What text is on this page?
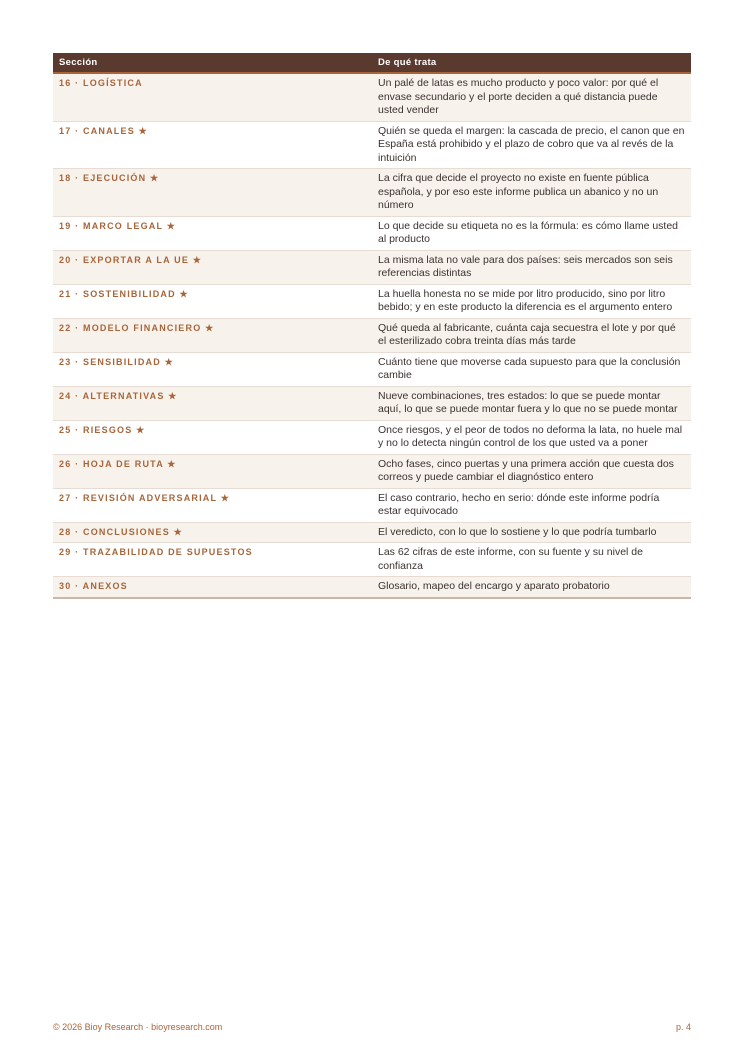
Sección	De qué trata

16 · LOGÍSTICA	Un palé de latas es mucho producto y poco valor: por qué el envase secundario y el porte deciden a qué distancia puede usted vender

17 · CANALES ★	Quién se queda el margen: la cascada de precio, el canon que en España está prohibido y el plazo de cobro que va al revés de la intuición

18 · EJECUCIÓN ★	La cifra que decide el proyecto no existe en fuente pública española, y por eso este informe publica un abanico y no un número

19 · MARCO LEGAL ★	Lo que decide su etiqueta no es la fórmula: es cómo llame usted al producto

20 · EXPORTAR A LA UE ★	La misma lata no vale para dos países: seis mercados son seis referencias distintas

21 · SOSTENIBILIDAD ★	La huella honesta no se mide por litro producido, sino por litro bebido; y en este producto la diferencia es el argumento entero

22 · MODELO FINANCIERO ★	Qué queda al fabricante, cuánta caja secuestra el lote y por qué el esterilizado cobra treinta días más tarde

23 · SENSIBILIDAD ★	Cuánto tiene que moverse cada supuesto para que la conclusión cambie

24 · ALTERNATIVAS ★	Nueve combinaciones, tres estados: lo que se puede montar aquí, lo que se puede montar fuera y lo que no se puede montar

25 · RIESGOS ★	Once riesgos, y el peor de todos no deforma la lata, no huele mal y no lo detecta ningún control de los que usted va a poner

26 · HOJA DE RUTA ★	Ocho fases, cinco puertas y una primera acción que cuesta dos correos y puede cambiar el diagnóstico entero

27 · REVISIÓN ADVERSARIAL ★	El caso contrario, hecho en serio: dónde este informe podría estar equivocado

28 · CONCLUSIONES ★	El veredicto, con lo que lo sostiene y lo que podría tumbarlo

29 · TRAZABILIDAD DE SUPUESTOS	Las 62 cifras de este informe, con su fuente y su nivel de confianza

30 · ANEXOS	Glosario, mapeo del encargo y aparato probatorio
© 2026 Bioy Research · bioyresearch.com	p. 4
